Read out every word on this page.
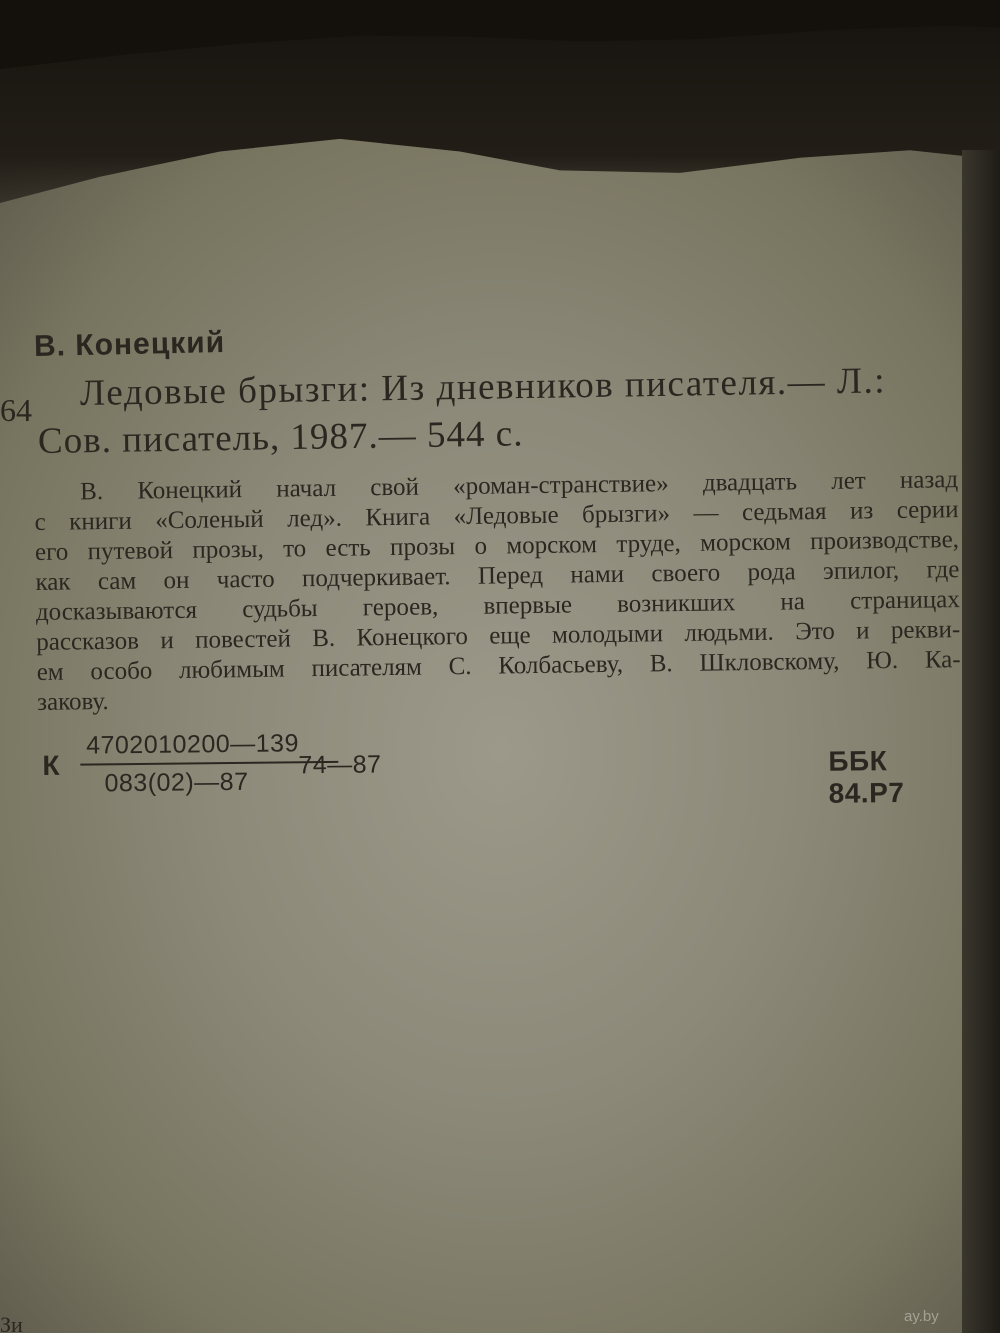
В. Конецкий
64 Ледовые брызги: Из дневников писателя.— Л.:
Сов. писатель, 1987.— 544 с.
В. Конецкий начал свой «роман-странствие» двадцать лет назад
с книги «Соленый лед». Книга «Ледовые брызги» — седьмая из серии
его путевой прозы, то есть прозы о морском труде, морском производстве,
как сам он часто подчеркивает. Перед нами своего рода эпилог, где
досказываются судьбы героев, впервые возникших на страницах
рассказов и повестей В. Конецкого еще молодыми людьми. Это и рекви-
ем особо любимым писателям С. Колбасьеву, В. Шкловскому, Ю. Ка-
закову.
К
4702010200—139
083(02)—87
74—87	ББК 84.Р7
Зи	ay.by
